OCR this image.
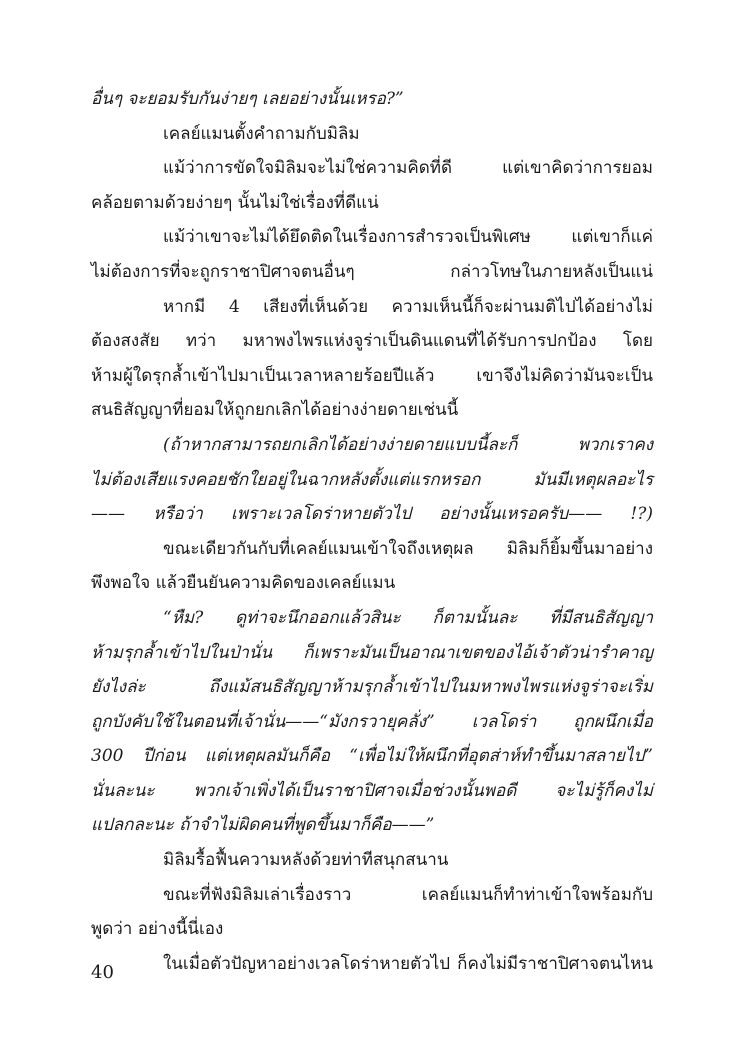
อื่นๆ จะยอมรับกันง่ายๆ เลยอย่างนั้นเหรอ?”
เคลย์แมนตั้งคำถามกับมิลิม
แม้ว่าการขัดใจมิลิมจะไม่ใช่ความคิดที่ดี แต่เขาคิดว่าการยอม
คล้อยตามด้วยง่ายๆ นั้นไม่ใช่เรื่องที่ดีแน่
แม้ว่าเขาจะไม่ได้ยึดติดในเรื่องการสำรวจเป็นพิเศษ แต่เขาก็แค่
ไม่ต้องการที่จะถูกราชาปิศาจตนอื่นๆ กล่าวโทษในภายหลังเป็นแน่
หากมี 4 เสียงที่เห็นด้วย ความเห็นนี้ก็จะผ่านมติไปได้อย่างไม่
ต้องสงสัย ทว่า มหาพงไพรแห่งจูร่าเป็นดินแดนที่ได้รับการปกป้อง โดย
ห้ามผู้ใดรุกล้ำเข้าไปมาเป็นเวลาหลายร้อยปีแล้ว เขาจึงไม่คิดว่ามันจะเป็น
สนธิสัญญาที่ยอมให้ถูกยกเลิกได้อย่างง่ายดายเช่นนี้
(ถ้าหากสามารถยกเลิกได้อย่างง่ายดายแบบนี้ละก็ พวกเราคง
ไม่ต้องเสียแรงคอยชักใยอยู่ในฉากหลังตั้งแต่แรกหรอก มันมีเหตุผลอะไร
—— หรือว่า เพราะเวลโดร่าหายตัวไป อย่างนั้นเหรอครับ—— !?)
ขณะเดียวกันกับที่เคลย์แมนเข้าใจถึงเหตุผล มิลิมก็ยิ้มขึ้นมาอย่าง
พึงพอใจ แล้วยืนยันความคิดของเคลย์แมน
“หืม? ดูท่าจะนึกออกแล้วสินะ ก็ตามนั้นละ ที่มีสนธิสัญญา
ห้ามรุกล้ำเข้าไปในป่านั่น ก็เพราะมันเป็นอาณาเขตของไอ้เจ้าตัวน่ารำคาญ
ยังไงล่ะ ถึงแม้สนธิสัญญาห้ามรุกล้ำเข้าไปในมหาพงไพรแห่งจูร่าจะเริ่ม
ถูกบังคับใช้ในตอนที่เจ้านั่น——“มังกรวายุคลั่ง” เวลโดร่า ถูกผนึกเมื่อ
300 ปีก่อน แต่เหตุผลมันก็คือ “เพื่อไม่ให้ผนึกที่อุตส่าห์ทำขึ้นมาสลายไป”
นั่นละนะ พวกเจ้าเพิ่งได้เป็นราชาปิศาจเมื่อช่วงนั้นพอดี จะไม่รู้ก็คงไม่
แปลกละนะ ถ้าจำไม่ผิดคนที่พูดขึ้นมาก็คือ——”
มิลิมรื้อฟื้นความหลังด้วยท่าทีสนุกสนาน
ขณะที่ฟังมิลิมเล่าเรื่องราว เคลย์แมนก็ทำท่าเข้าใจพร้อมกับ
พูดว่า อย่างนี้นี่เอง
ในเมื่อตัวปัญหาอย่างเวลโดร่าหายตัวไป ก็คงไม่มีราชาปิศาจตนไหน
40
